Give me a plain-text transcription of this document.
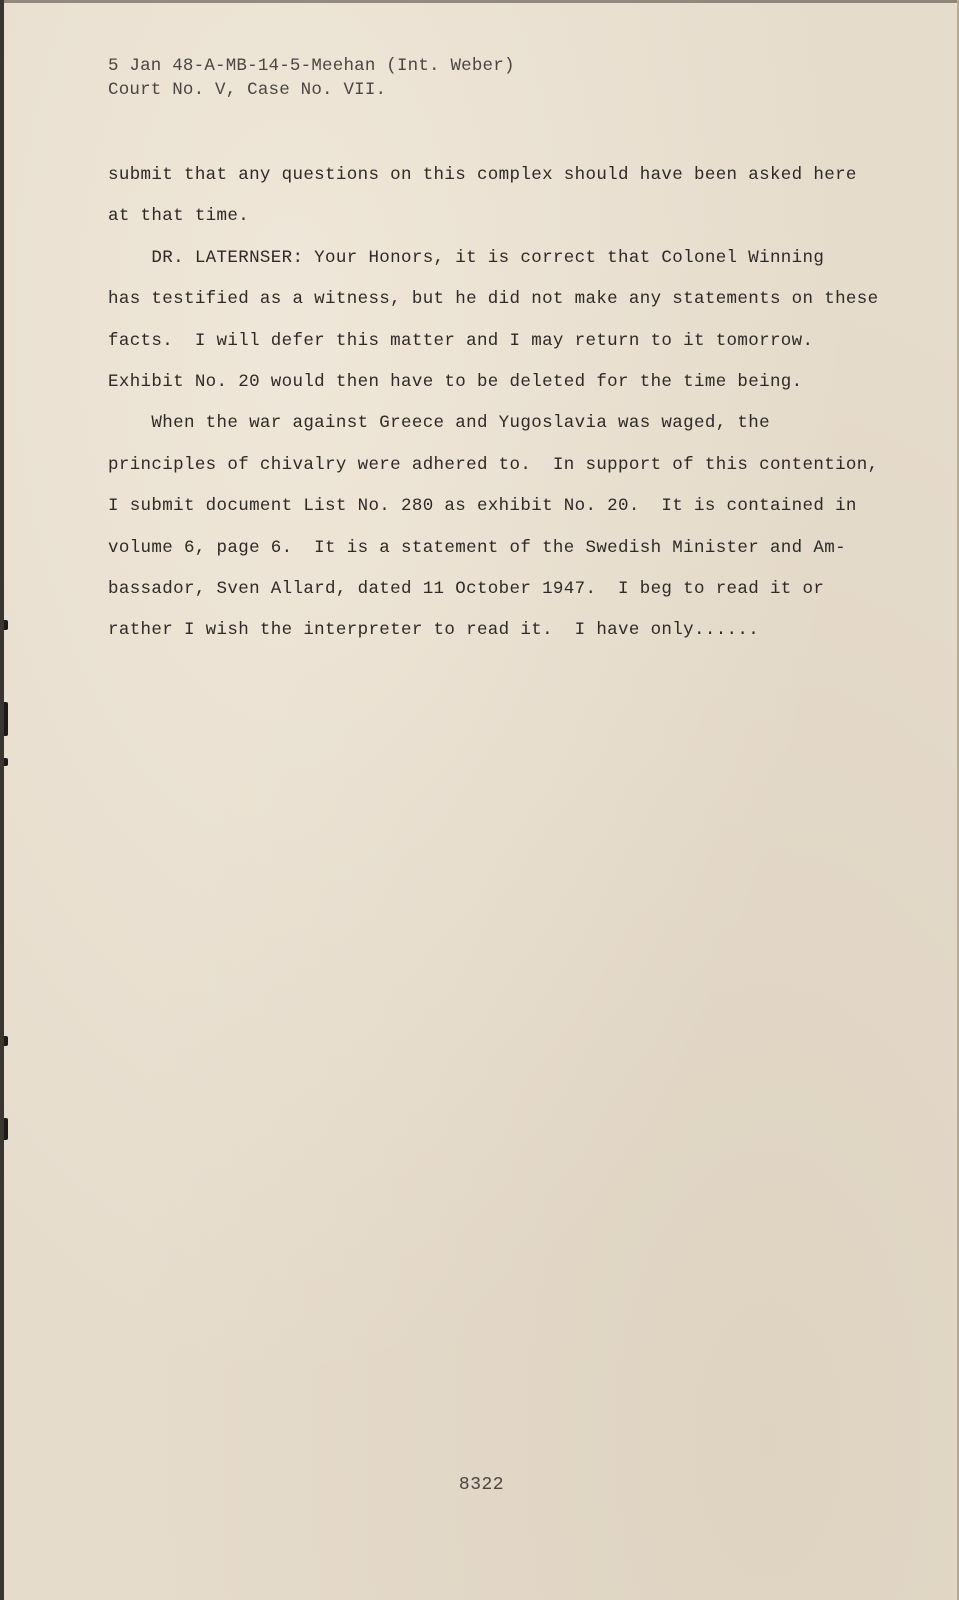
5 Jan 48-A-MB-14-5-Meehan (Int. Weber)
Court No. V, Case No. VII.
submit that any questions on this complex should have been asked here
at that time.
DR. LATERNSER: Your Honors, it is correct that Colonel Winning
has testified as a witness, but he did not make any statements on these
facts.  I will defer this matter and I may return to it tomorrow.
Exhibit No. 20 would then have to be deleted for the time being.
When the war against Greece and Yugoslavia was waged, the
principles of chivalry were adhered to.  In support of this contention,
I submit document List No. 280 as exhibit No. 20.  It is contained in
volume 6, page 6.  It is a statement of the Swedish Minister and Am-
bassador, Sven Allard, dated 11 October 1947.  I beg to read it or
rather I wish the interpreter to read it.  I have only......
8322
